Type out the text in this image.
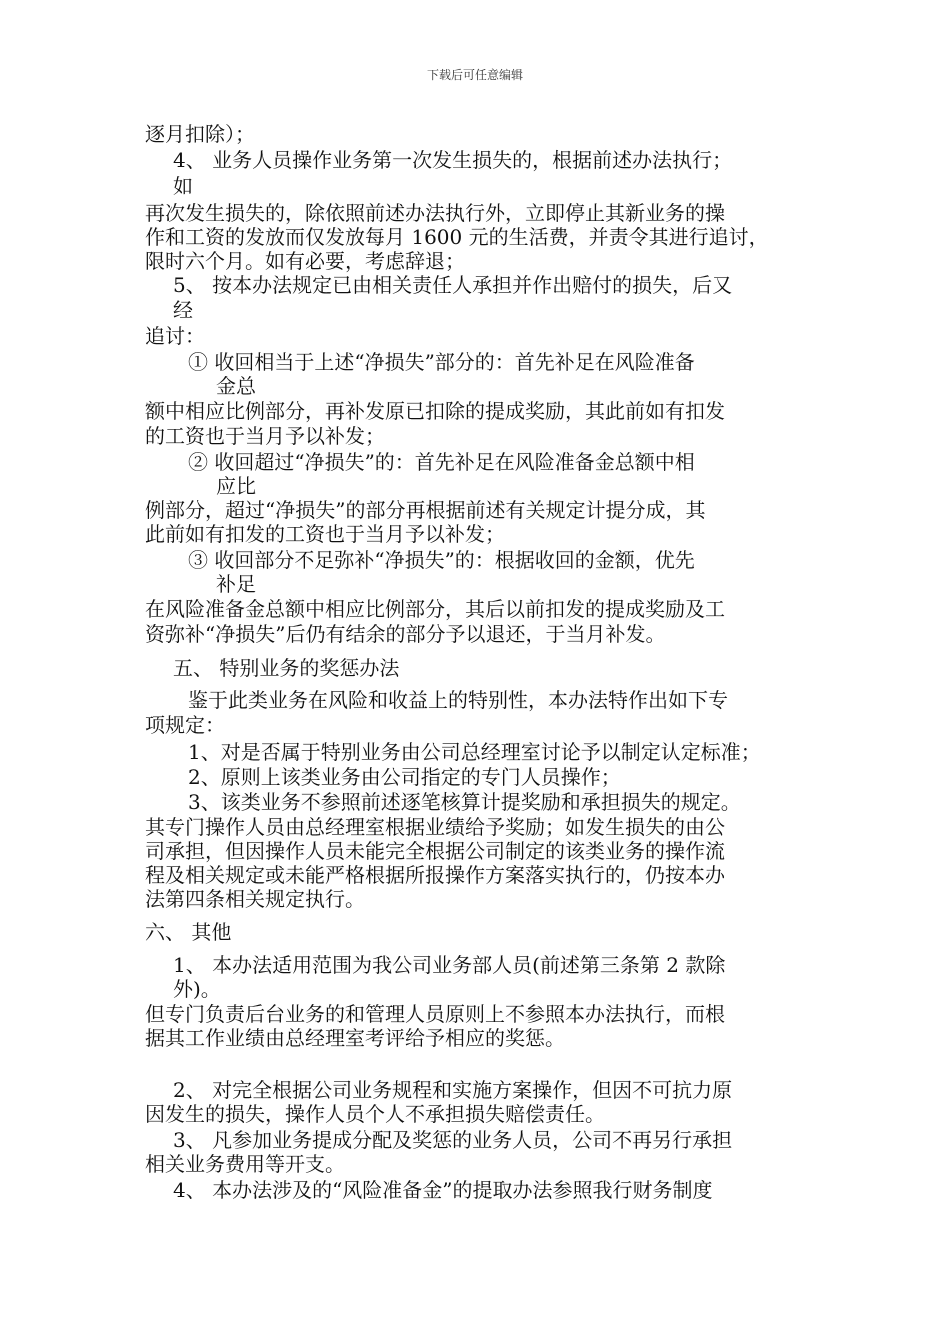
下载后可任意编辑
逐月扣除）；
4、 业务人员操作业务第一次发生损失的，根据前述办法执行；
如
再次发生损失的，除依照前述办法执行外，立即停止其新业务的操
作和工资的发放而仅发放每月 1600 元的生活费，并责令其进行追讨，
限时六个月。如有必要，考虑辞退；
5、 按本办法规定已由相关责任人承担并作出赔付的损失，后又
经
追讨：
① 收回相当于上述“净损失”部分的：首先补足在风险准备
金总
额中相应比例部分，再补发原已扣除的提成奖励，其此前如有扣发
的工资也于当月予以补发；
② 收回超过“净损失”的：首先补足在风险准备金总额中相
应比
例部分，超过“净损失”的部分再根据前述有关规定计提分成，其
此前如有扣发的工资也于当月予以补发；
③ 收回部分不足弥补“净损失”的：根据收回的金额，优先
补足
在风险准备金总额中相应比例部分，其后以前扣发的提成奖励及工
资弥补“净损失”后仍有结余的部分予以退还，于当月补发。
五、 特别业务的奖惩办法
鉴于此类业务在风险和收益上的特别性，本办法特作出如下专
项规定：
1、对是否属于特别业务由公司总经理室讨论予以制定认定标准；
2、原则上该类业务由公司指定的专门人员操作；
3、该类业务不参照前述逐笔核算计提奖励和承担损失的规定。
其专门操作人员由总经理室根据业绩给予奖励；如发生损失的由公
司承担，但因操作人员未能完全根据公司制定的该类业务的操作流
程及相关规定或未能严格根据所报操作方案落实执行的，仍按本办
法第四条相关规定执行。
六、 其他
1、 本办法适用范围为我公司业务部人员(前述第三条第 2 款除
外)。
但专门负责后台业务的和管理人员原则上不参照本办法执行，而根
据其工作业绩由总经理室考评给予相应的奖惩。
2、 对完全根据公司业务规程和实施方案操作，但因不可抗力原
因发生的损失，操作人员个人不承担损失赔偿责任。
3、 凡参加业务提成分配及奖惩的业务人员，公司不再另行承担
相关业务费用等开支。
4、 本办法涉及的“风险准备金”的提取办法参照我行财务制度
